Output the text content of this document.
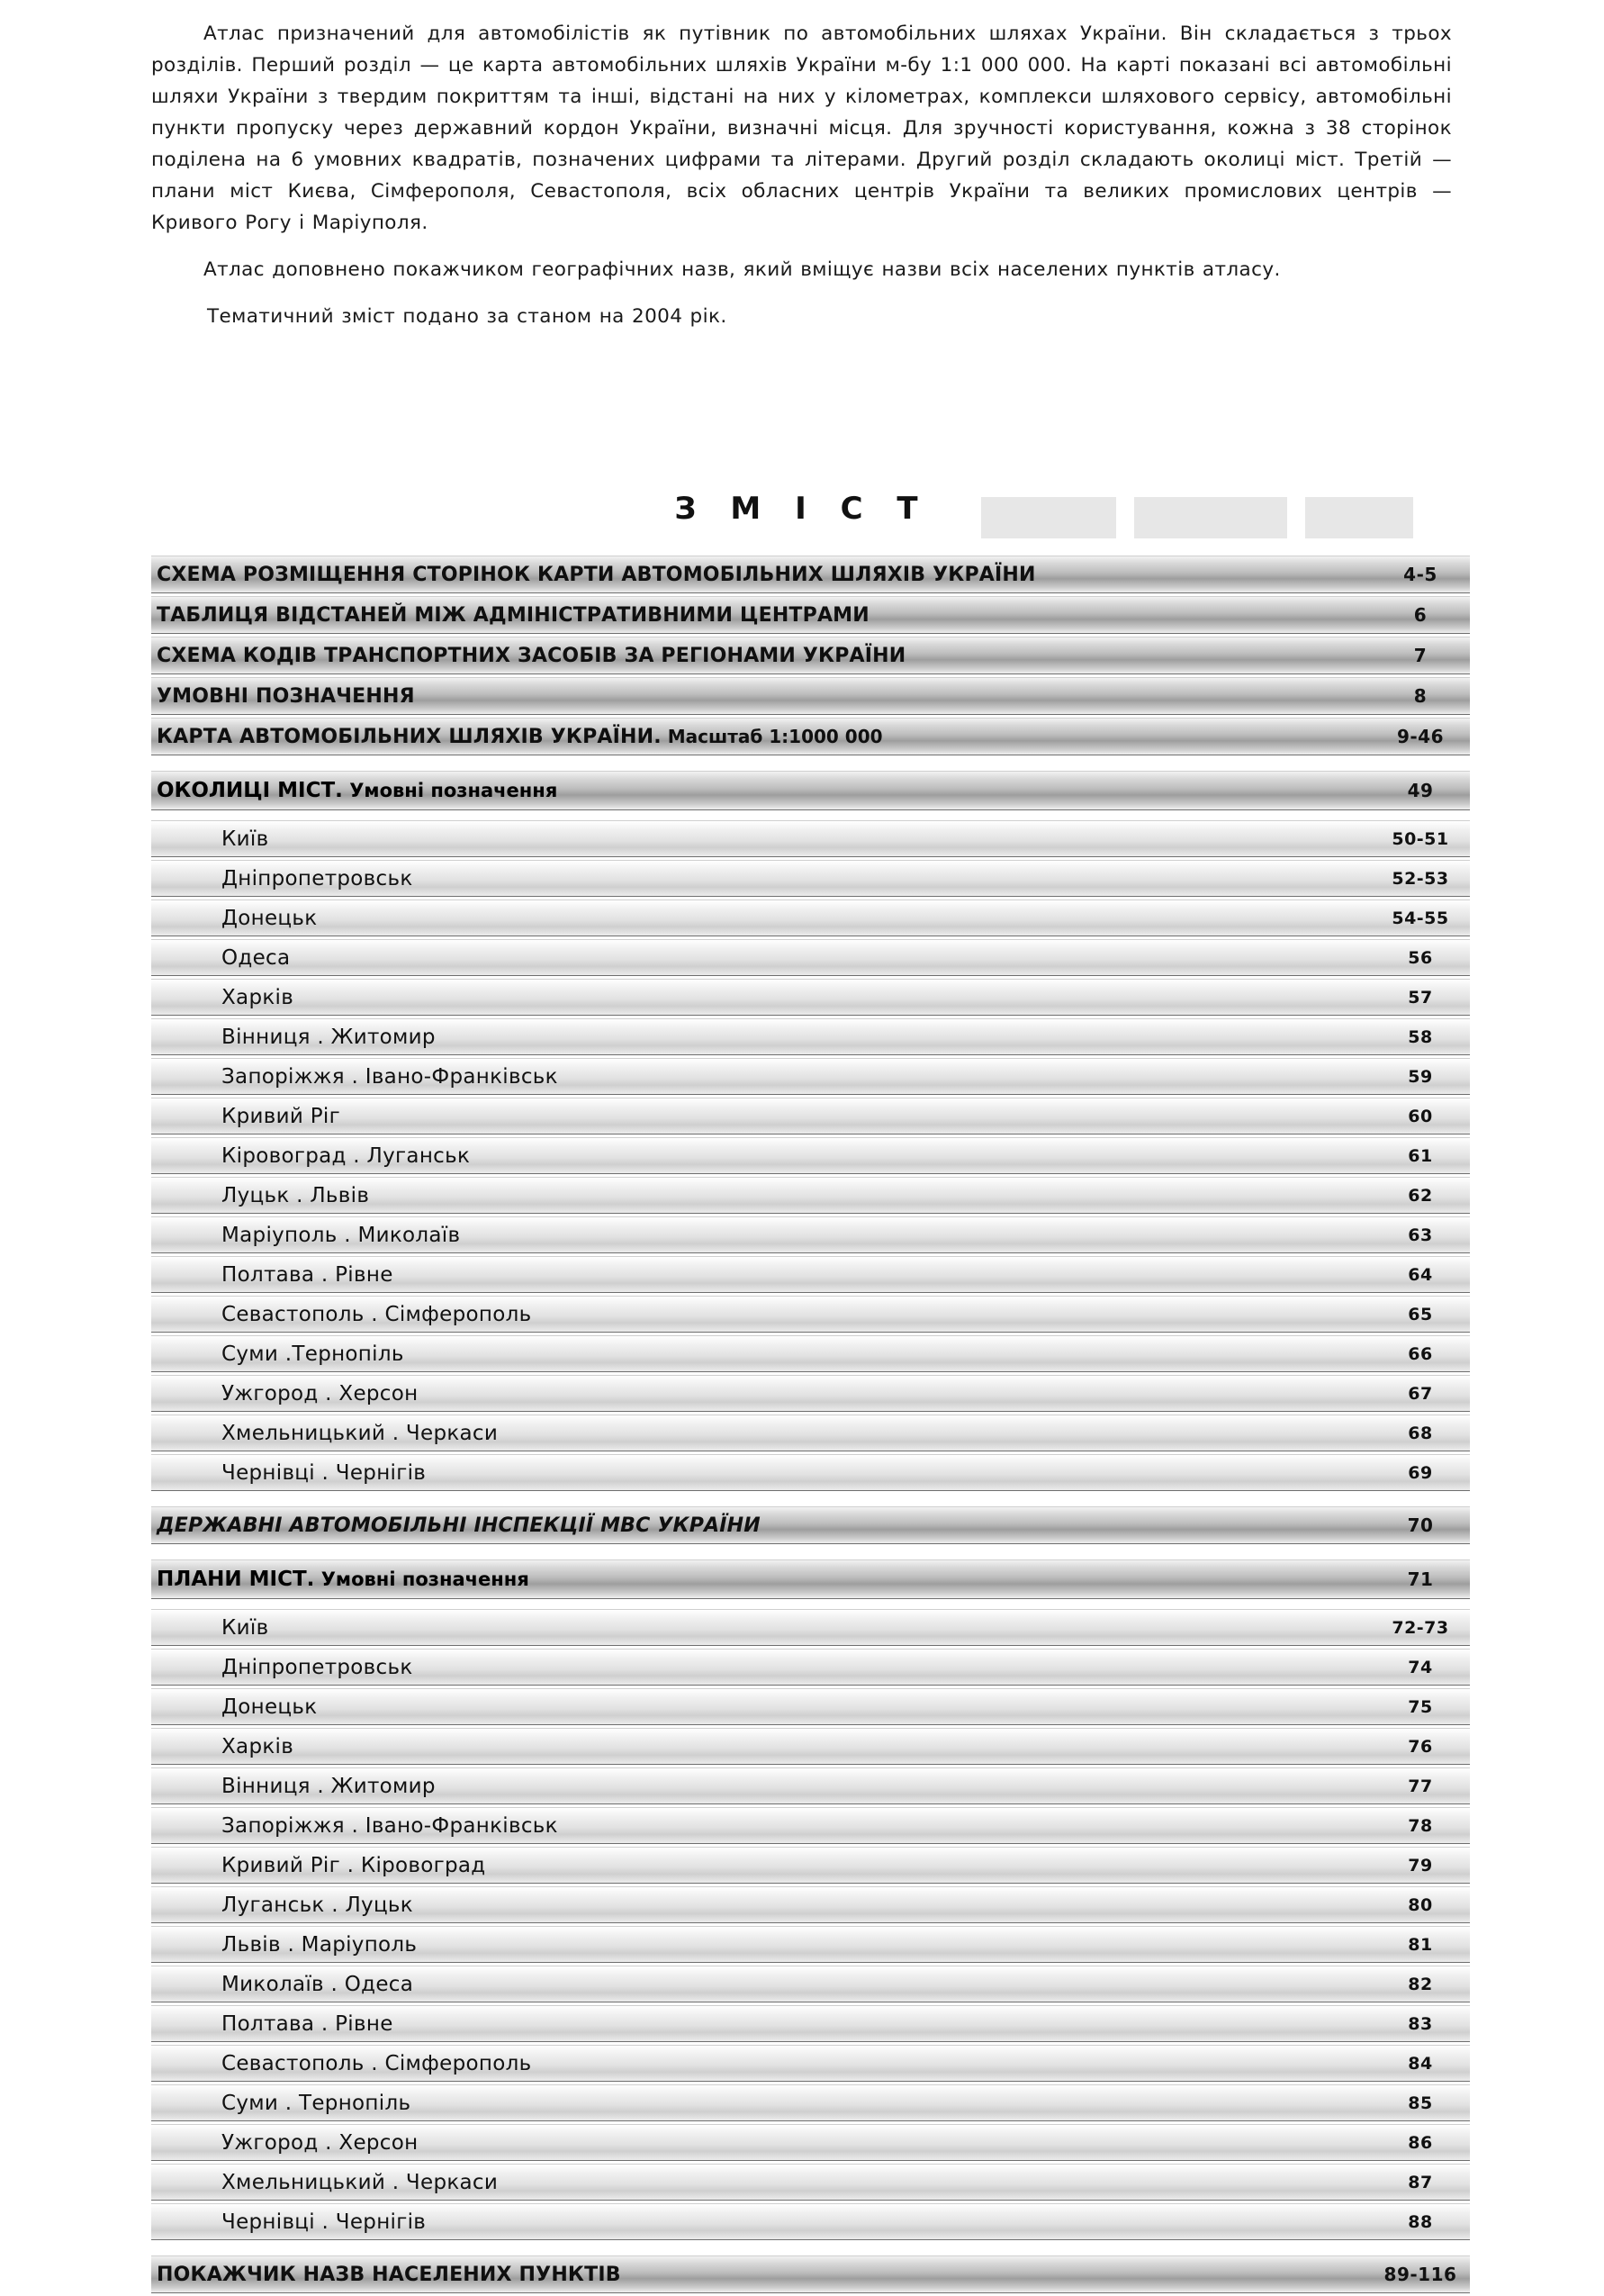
Атлас призначений для автомобілістів як путівник по автомобільних шляхах України. Він складається з трьох розділів. Перший розділ — це карта автомобільних шляхів України м-бу 1:1 000 000. На карті показані всі автомобільні шляхи України з твердим покриттям та інші, відстані на них у кілометрах, комплекси шляхового сервісу, автомобільні пункти пропуску через державний кордон України, визначні місця. Для зручності користування, кожна з 38 сторінок поділена на 6 умовних квадратів, позначених цифрами та літерами. Другий розділ складають околиці міст. Третій — плани міст Києва, Сімферополя, Севастополя, всіх обласних центрів України та великих промислових центрів — Кривого Рогу і Маріуполя.

Атлас доповнено покажчиком географічних назв, який вміщує назви всіх населених пунктів атласу.

Тематичний зміст подано за станом на 2004 рік.

З М І С Т
СХЕМА РОЗМІЩЕННЯ СТОРІНОК КАРТИ АВТОМОБІЛЬНИХ ШЛЯХІВ УКРАЇНИ	4-5
ТАБЛИЦЯ ВІДСТАНЕЙ МІЖ АДМІНІСТРАТИВНИМИ ЦЕНТРАМИ	6
СХЕМА КОДІВ ТРАНСПОРТНИХ ЗАСОБІВ ЗА РЕГІОНАМИ УКРАЇНИ	7
УМОВНІ ПОЗНАЧЕННЯ	8
КАРТА АВТОМОБІЛЬНИХ ШЛЯХІВ УКРАЇНИ. Масштаб 1:1000 000	9-46
ОКОЛИЦІ МІСТ. Умовні позначення	49
Київ	50-51
Дніпропетровськ	52-53
Донецьк	54-55
Одеса	56
Харків	57
Вінниця . Житомир	58
Запоріжжя . Івано-Франківськ	59
Кривий Ріг	60
Кіровоград . Луганськ	61
Луцьк . Львів	62
Маріуполь . Миколаїв	63
Полтава . Рівне	64
Севастополь . Сімферополь	65
Суми .Тернопіль	66
Ужгород . Херсон	67
Хмельницький . Черкаси	68
Чернівці . Чернігів	69
ДЕРЖАВНІ АВТОМОБІЛЬНІ ІНСПЕКЦІЇ МВС УКРАЇНИ	70
ПЛАНИ МІСТ. Умовні позначення	71
Київ	72-73
Дніпропетровськ	74
Донецьк	75
Харків	76
Вінниця . Житомир	77
Запоріжжя . Івано-Франківськ	78
Кривий Ріг . Кіровоград	79
Луганськ . Луцьк	80
Львів . Маріуполь	81
Миколаїв . Одеса	82
Полтава . Рівне	83
Севастополь . Сімферополь	84
Суми . Тернопіль	85
Ужгород . Херсон	86
Хмельницький . Черкаси	87
Чернівці . Чернігів	88
ПОКАЖЧИК НАЗВ НАСЕЛЕНИХ ПУНКТІВ	89-116
